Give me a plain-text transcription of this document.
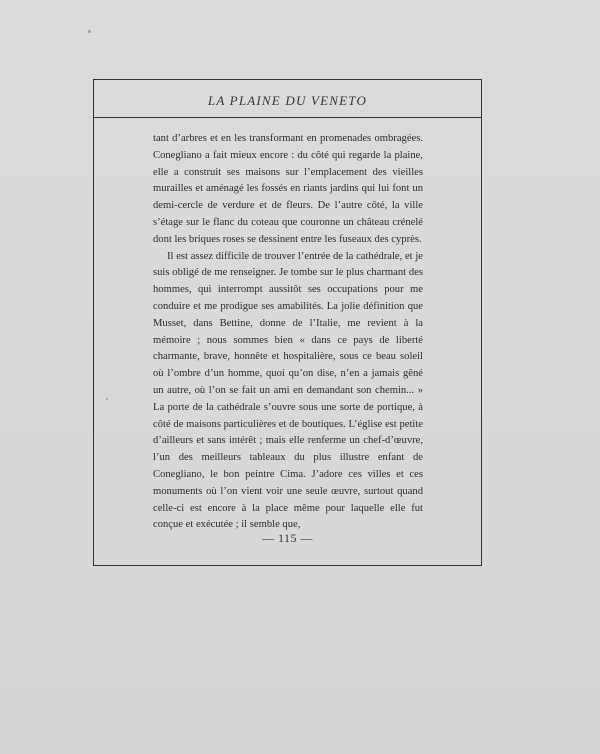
LA PLAINE DU VENETO

tant d’arbres et en les transformant en promenades ombragées. Conegliano a fait mieux encore : du côté qui regarde la plaine, elle a construit ses maisons sur l’emplacement des vieilles murailles et aménagé les fossés en riants jardins qui lui font un demi-cercle de verdure et de fleurs. De l’autre côté, la ville s’étage sur le flanc du coteau que couronne un château crénelé dont les briques roses se dessinent entre les fuseaux des cyprès.

Il est assez difficile de trouver l’entrée de la cathédrale, et je suis obligé de me renseigner. Je tombe sur le plus charmant des hommes, qui interrompt aussitôt ses occupations pour me conduire et me prodigue ses amabilités. La jolie définition que Musset, dans Bettine, donne de l’Italie, me revient à la mémoire ; nous sommes bien « dans ce pays de liberté charmante, brave, honnête et hospitalière, sous ce beau soleil où l’ombre d’un homme, quoi qu’on dise, n’en a jamais gêné un autre, où l’on se fait un ami en demandant son chemin... » La porte de la cathédrale s’ouvre sous une sorte de portique, à côté de maisons particulières et de boutiques. L’église est petite d’ailleurs et sans intérêt ; mais elle renferme un chef-d’œuvre, l’un des meilleurs tableaux du plus illustre enfant de Conegliano, le bon peintre Cima. J’adore ces villes et ces monuments où l’on vient voir une seule œuvre, surtout quand celle-ci est encore à la place même pour laquelle elle fut conçue et exécutée ; il semble que,

— 115 —
